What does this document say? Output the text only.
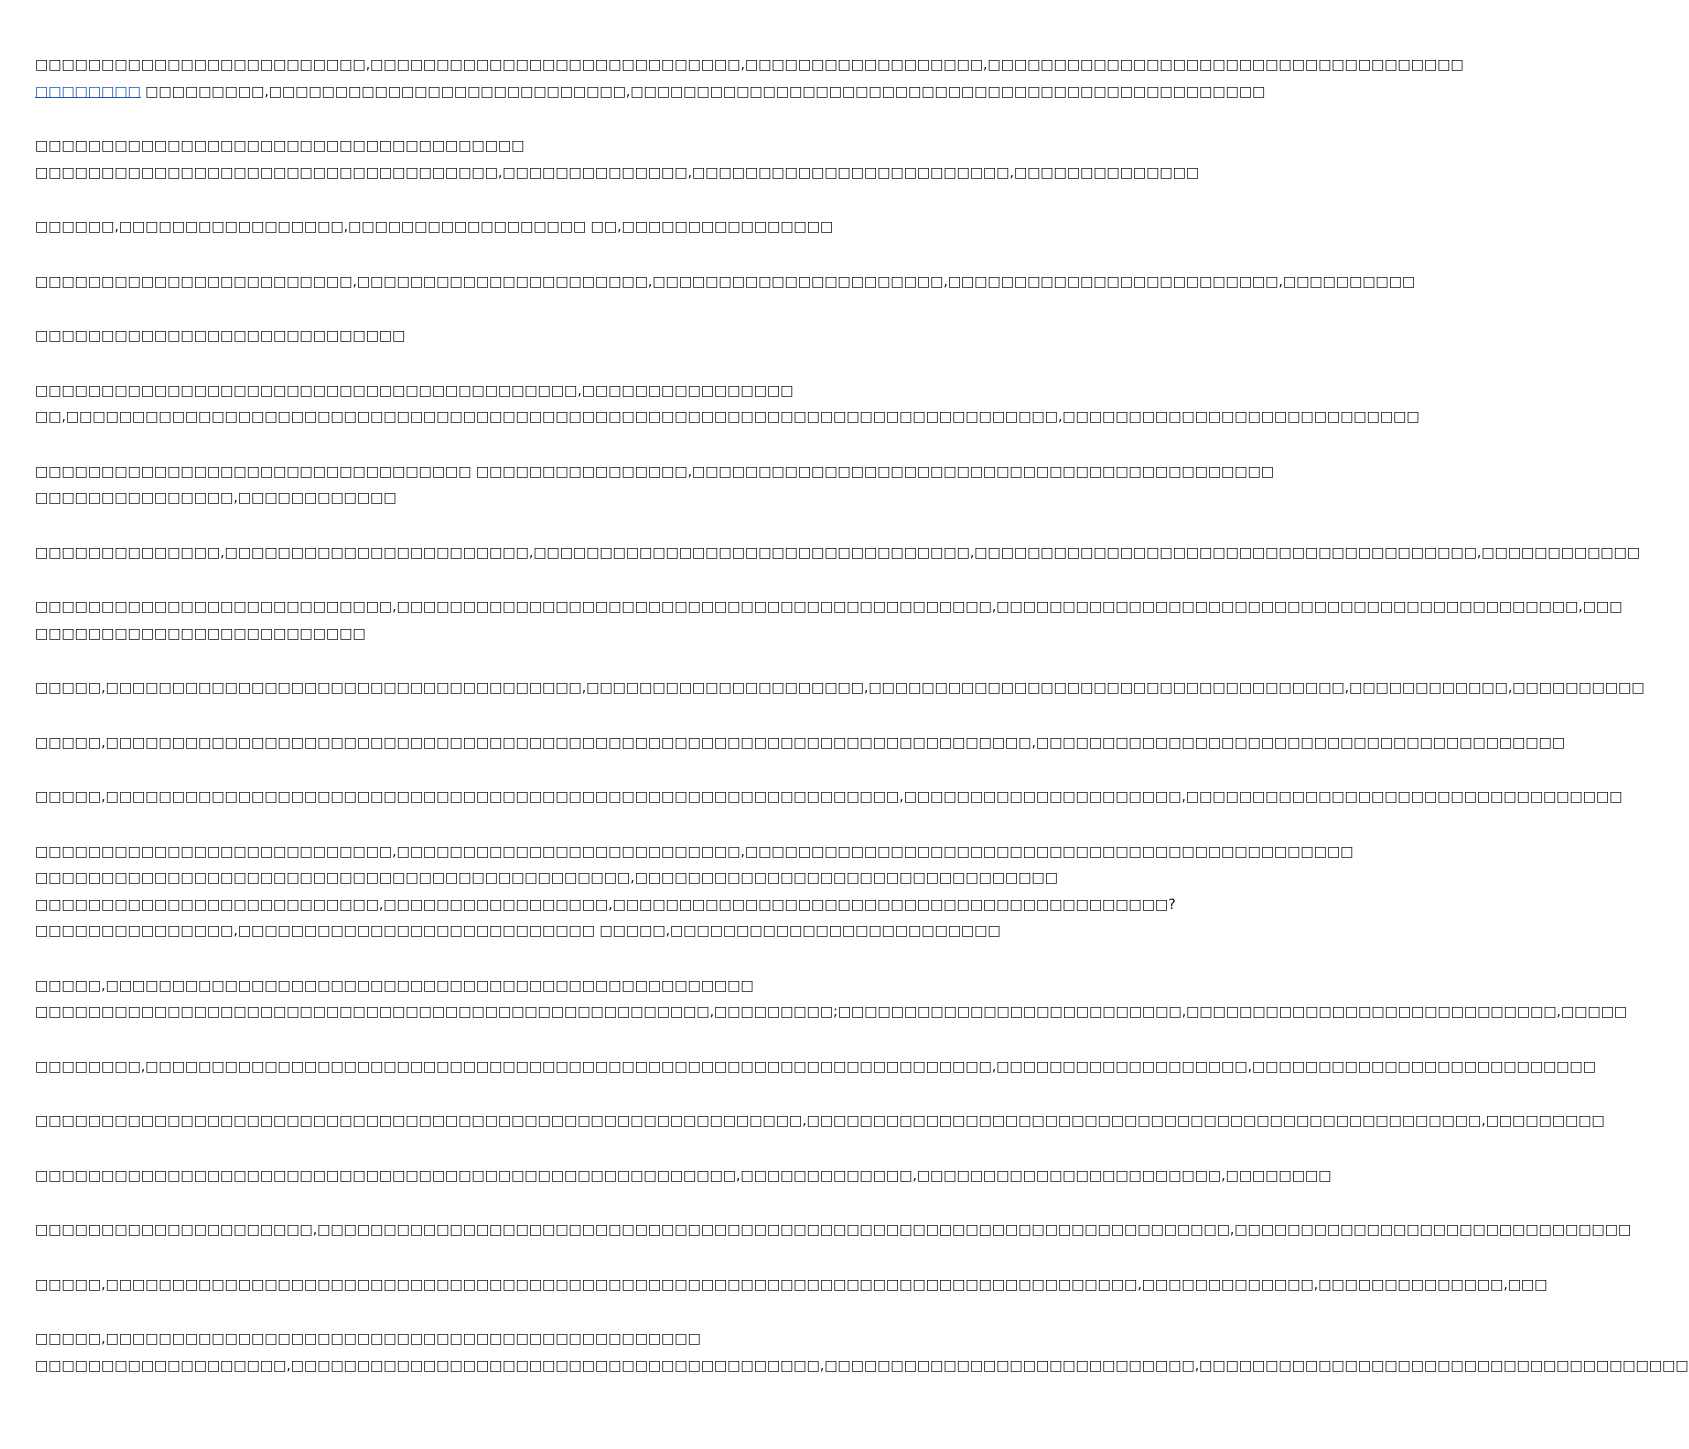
□□□□□□□□□□□□□□□□□□□□□□□□□,□□□□□□□□□□□□□□□□□□□□□□□□□□□□,□□□□□□□□□□□□□□□□□□,□□□□□□□□□□□□□□□□□□□□□□□□□□□□□□□□□□□□
□□□□□□□□ □□□□□□□□□,□□□□□□□□□□□□□□□□□□□□□□□□□□□,□□□□□□□□□□□□□□□□□□□□□□□□□□□□□□□□□□□□□□□□□□□□□□□□
□□□□□□□□□□□□□□□□□□□□□□□□□□□□□□□□□□□□□
□□□□□□□□□□□□□□□□□□□□□□□□□□□□□□□□□□□,□□□□□□□□□□□□□□,□□□□□□□□□□□□□□□□□□□□□□□□,□□□□□□□□□□□□□□
□□□□□□,□□□□□□□□□□□□□□□□□,□□□□□□□□□□□□□□□□□□ □□,□□□□□□□□□□□□□□□□
□□□□□□□□□□□□□□□□□□□□□□□□,□□□□□□□□□□□□□□□□□□□□□□,□□□□□□□□□□□□□□□□□□□□□□,□□□□□□□□□□□□□□□□□□□□□□□□□,□□□□□□□□□□
□□□□□□□□□□□□□□□□□□□□□□□□□□□□
□□□□□□□□□□□□□□□□□□□□□□□□□□□□□□□□□□□□□□□□□,□□□□□□□□□□□□□□□□
□□,□□□□□□□□□□□□□□□□□□□□□□□□□□□□□□□□□□□□□□□□□□□□□□□□□□□□□□□□□□□□□□□□□□□□□□□□□□□,□□□□□□□□□□□□□□□□□□□□□□□□□□□
□□□□□□□□□□□□□□□□□□□□□□□□□□□□□□□□□ □□□□□□□□□□□□□□□□,□□□□□□□□□□□□□□□□□□□□□□□□□□□□□□□□□□□□□□□□□□□□
□□□□□□□□□□□□□□□,□□□□□□□□□□□□
□□□□□□□□□□□□□□,□□□□□□□□□□□□□□□□□□□□□□□,□□□□□□□□□□□□□□□□□□□□□□□□□□□□□□□□□,□□□□□□□□□□□□□□□□□□□□□□□□□□□□□□□□□□□□□□,□□□□□□□□□□□□
□□□□□□□□□□□□□□□□□□□□□□□□□□□,□□□□□□□□□□□□□□□□□□□□□□□□□□□□□□□□□□□□□□□□□□□□□,□□□□□□□□□□□□□□□□□□□□□□□□□□□□□□□□□□□□□□□□□□□□,□□□
□□□□□□□□□□□□□□□□□□□□□□□□□
□□□□□,□□□□□□□□□□□□□□□□□□□□□□□□□□□□□□□□□□□□,□□□□□□□□□□□□□□□□□□□□□,□□□□□□□□□□□□□□□□□□□□□□□□□□□□□□□□□□□□,□□□□□□□□□□□□,□□□□□□□□□□
□□□□□,□□□□□□□□□□□□□□□□□□□□□□□□□□□□□□□□□□□□□□□□□□□□□□□□□□□□□□□□□□□□□□□□□□□□□□,□□□□□□□□□□□□□□□□□□□□□□□□□□□□□□□□□□□□□□□□
□□□□□,□□□□□□□□□□□□□□□□□□□□□□□□□□□□□□□□□□□□□□□□□□□□□□□□□□□□□□□□□□□□,□□□□□□□□□□□□□□□□□□□□□,□□□□□□□□□□□□□□□□□□□□□□□□□□□□□□□□□
□□□□□□□□□□□□□□□□□□□□□□□□□□□,□□□□□□□□□□□□□□□□□□□□□□□□□□,□□□□□□□□□□□□□□□□□□□□□□□□□□□□□□□□□□□□□□□□□□□□□□
□□□□□□□□□□□□□□□□□□□□□□□□□□□□□□□□□□□□□□□□□□□□□,□□□□□□□□□□□□□□□□□□□□□□□□□□□□□□□□
□□□□□□□□□□□□□□□□□□□□□□□□□□,□□□□□□□□□□□□□□□□□,□□□□□□□□□□□□□□□□□□□□□□□□□□□□□□□□□□□□□□□□□□?
□□□□□□□□□□□□□□□,□□□□□□□□□□□□□□□□□□□□□□□□□□□ □□□□□,□□□□□□□□□□□□□□□□□□□□□□□□□
□□□□□,□□□□□□□□□□□□□□□□□□□□□□□□□□□□□□□□□□□□□□□□□□□□□□□□□
□□□□□□□□□□□□□□□□□□□□□□□□□□□□□□□□□□□□□□□□□□□□□□□□□□□,□□□□□□□□□;□□□□□□□□□□□□□□□□□□□□□□□□□□,□□□□□□□□□□□□□□□□□□□□□□□□□□□□,□□□□□
□□□□□□□□,□□□□□□□□□□□□□□□□□□□□□□□□□□□□□□□□□□□□□□□□□□□□□□□□□□□□□□□□□□□□□□□□,□□□□□□□□□□□□□□□□□□□,□□□□□□□□□□□□□□□□□□□□□□□□□□
□□□□□□□□□□□□□□□□□□□□□□□□□□□□□□□□□□□□□□□□□□□□□□□□□□□□□□□□□□,□□□□□□□□□□□□□□□□□□□□□□□□□□□□□□□□□□□□□□□□□□□□□□□□□□□,□□□□□□□□□
□□□□□□□□□□□□□□□□□□□□□□□□□□□□□□□□□□□□□□□□□□□□□□□□□□□□□,□□□□□□□□□□□□□,□□□□□□□□□□□□□□□□□□□□□□□,□□□□□□□□
□□□□□□□□□□□□□□□□□□□□□,□□□□□□□□□□□□□□□□□□□□□□□□□□□□□□□□□□□□□□□□□□□□□□□□□□□□□□□□□□□□□□□□□□□□□,□□□□□□□□□□□□□□□□□□□□□□□□□□□□□□
□□□□□,□□□□□□□□□□□□□□□□□□□□□□□□□□□□□□□□□□□□□□□□□□□□□□□□□□□□□□□□□□□□□□□□□□□□□□□□□□□□□□,□□□□□□□□□□□□□,□□□□□□□□□□□□□□,□□□
□□□□□,□□□□□□□□□□□□□□□□□□□□□□□□□□□□□□□□□□□□□□□□□□□□□
□□□□□□□□□□□□□□□□□□□,□□□□□□□□□□□□□□□□□□□□□□□□□□□□□□□□□□□□□□□□,□□□□□□□□□□□□□□□□□□□□□□□□□□□□,□□□□□□□□□□□□□□□□□□□□□□□□□□□□□□□□□□□□□
